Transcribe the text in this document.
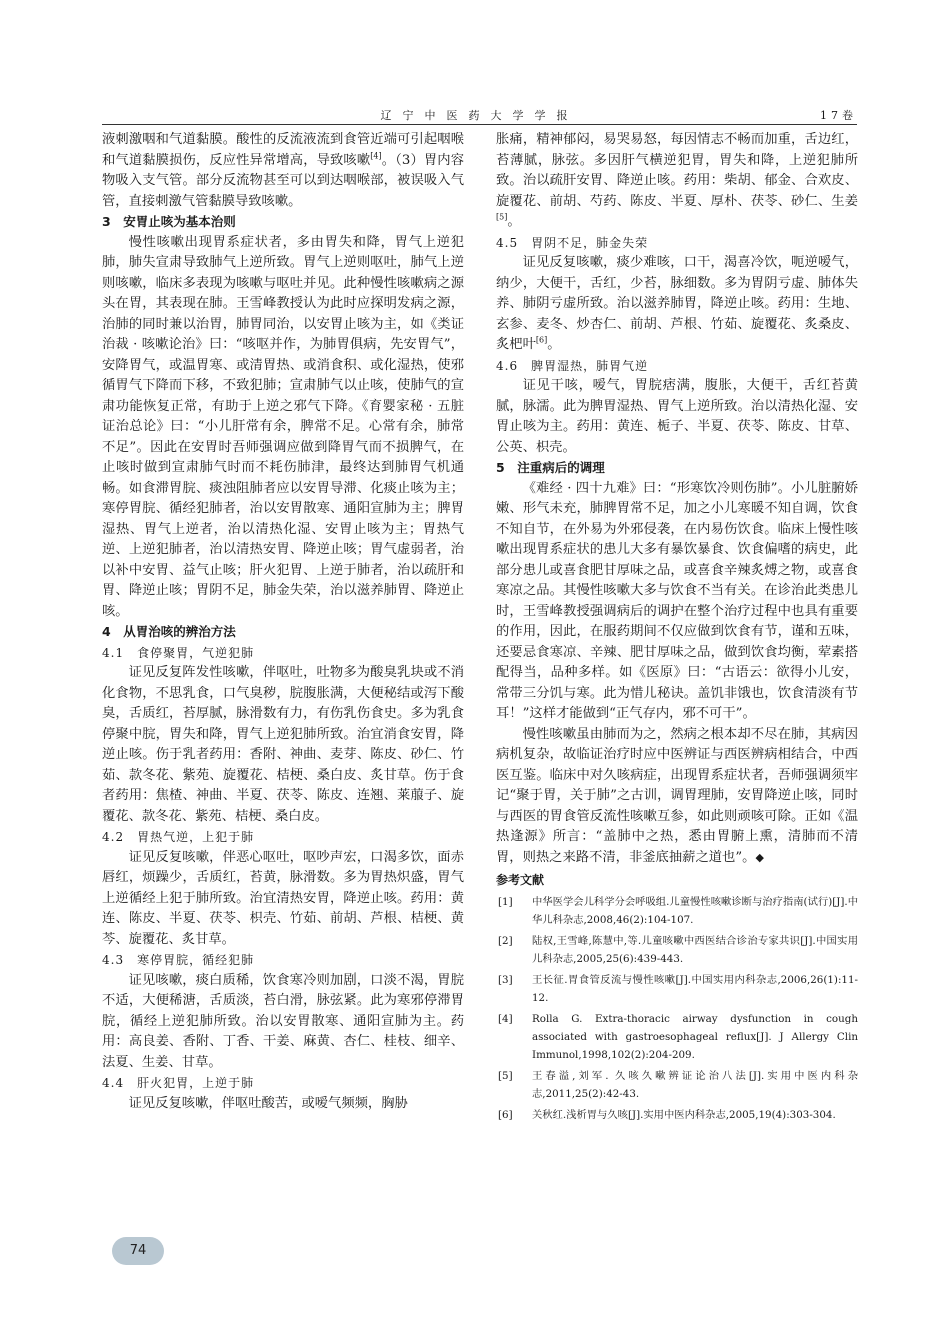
辽宁中医药大学学报	17卷
液刺激咽和气道黏膜。酸性的反流液流到食管近端可引起咽喉和气道黏膜损伤，反应性异常增高，导致咳嗽[4]。（3）胃内容物吸入支气管。部分反流物甚至可以到达咽喉部，被误吸入气管，直接刺激气管黏膜导致咳嗽。
3　安胃止咳为基本治则
慢性咳嗽出现胃系症状者，多由胃失和降，胃气上逆犯肺，肺失宣肃导致肺气上逆所致。胃气上逆则呕吐，肺气上逆则咳嗽，临床多表现为咳嗽与呕吐并见。此种慢性咳嗽病之源头在胃，其表现在肺。王雪峰教授认为此时应探明发病之源，治肺的同时兼以治胃，肺胃同治，以安胃止咳为主，如《类证治裁 · 咳嗽论治》曰：“咳呕并作，为肺胃俱病，先安胃气”，安降胃气，或温胃寒、或清胃热、或消食积、或化湿热，使邪循胃气下降而下移，不致犯肺；宣肃肺气以止咳，使肺气的宣肃功能恢复正常，有助于上逆之邪气下降。《育婴家秘 · 五脏证治总论》曰：“小儿肝常有余，脾常不足。心常有余，肺常不足”。因此在安胃时吾师强调应做到降胃气而不损脾气，在止咳时做到宣肃肺气时而不耗伤肺津，最终达到肺胃气机通畅。如食滞胃脘、痰浊阻肺者应以安胃导滞、化痰止咳为主；寒停胃脘、循经犯肺者，治以安胃散寒、通阳宣肺为主；脾胃湿热、胃气上逆者，治以清热化湿、安胃止咳为主；胃热气逆、上逆犯肺者，治以清热安胃、降逆止咳；胃气虚弱者，治以补中安胃、益气止咳；肝火犯胃、上逆于肺者，治以疏肝和胃、降逆止咳；胃阴不足，肺金失荣，治以滋养肺胃、降逆止咳。
4　从胃治咳的辨治方法
4.1　食停聚胃，气逆犯肺
证见反复阵发性咳嗽，伴呕吐，吐物多为酸臭乳块或不消化食物，不思乳食，口气臭秽，脘腹胀满，大便秘结或泻下酸臭，舌质红，苔厚腻，脉滑数有力，有伤乳伤食史。多为乳食停聚中脘，胃失和降，胃气上逆犯肺所致。治宜消食安胃，降逆止咳。伤于乳者药用：香附、神曲、麦芽、陈皮、砂仁、竹茹、款冬花、紫苑、旋覆花、桔梗、桑白皮、炙甘草。伤于食者药用：焦楂、神曲、半夏、茯苓、陈皮、连翘、莱菔子、旋覆花、款冬花、紫苑、桔梗、桑白皮。
4.2　胃热气逆，上犯于肺
证见反复咳嗽，伴恶心呕吐，呕吵声宏，口渴多饮，面赤唇红，烦躁少，舌质红，苔黄，脉滑数。多为胃热炽盛，胃气上逆循经上犯于肺所致。治宜清热安胃，降逆止咳。药用：黄连、陈皮、半夏、茯苓、枳壳、竹茹、前胡、芦根、桔梗、黄芩、旋覆花、炙甘草。
4.3　寒停胃脘，循经犯肺
证见咳嗽，痰白质稀，饮食寒冷则加剧，口淡不渴，胃脘不适，大便稀溏，舌质淡，苔白滑，脉弦紧。此为寒邪停滞胃脘，循经上逆犯肺所致。治以安胃散寒、通阳宣肺为主。药用：高良姜、香附、丁香、干姜、麻黄、杏仁、桂枝、细辛、法夏、生姜、甘草。
4.4　肝火犯胃，上逆于肺
证见反复咳嗽，伴呕吐酸苦，或嗳气频频，胸胁
胀痛，精神郁闷，易哭易怒，每因情志不畅而加重，舌边红，苔薄腻，脉弦。多因肝气横逆犯胃，胃失和降，上逆犯肺所致。治以疏肝安胃、降逆止咳。药用：柴胡、郁金、合欢皮、旋覆花、前胡、芍药、陈皮、半夏、厚朴、茯苓、砂仁、生姜[5]。
4.5　胃阴不足，肺金失荣
证见反复咳嗽，痰少难咳，口干，渴喜冷饮，呃逆嗳气，纳少，大便干，舌红，少苔，脉细数。多为胃阴亏虚、肺体失养、肺阴亏虚所致。治以滋养肺胃，降逆止咳。药用：生地、玄参、麦冬、炒杏仁、前胡、芦根、竹茹、旋覆花、炙桑皮、炙杷叶[6]。
4.6　脾胃湿热，肺胃气逆
证见干咳，嗳气，胃脘痞满，腹胀，大便干，舌红苔黄腻，脉濡。此为脾胃湿热、胃气上逆所致。治以清热化湿、安胃止咳为主。药用：黄连、栀子、半夏、茯苓、陈皮、甘草、公英、枳壳。
5　注重病后的调理
《难经 · 四十九难》曰：“形寒饮冷则伤肺”。小儿脏腑娇嫩、形气未充，肺脾胃常不足，加之小儿寒暖不知自调，饮食不知自节，在外易为外邪侵袭，在内易伤饮食。临床上慢性咳嗽出现胃系症状的患儿大多有暴饮暴食、饮食偏嗜的病史，此部分患儿或喜食肥甘厚味之品，或喜食辛辣炙煿之物，或喜食寒凉之品。其慢性咳嗽大多与饮食不当有关。在诊治此类患儿时，王雪峰教授强调病后的调护在整个治疗过程中也具有重要的作用，因此，在服药期间不仅应做到饮食有节，谨和五味，还要忌食寒凉、辛辣、肥甘厚味之品，做到饮食均衡，荤素搭配得当，品种多样。如《医原》曰：“古语云：欲得小儿安，常带三分饥与寒。此为惜儿秘诀。盖饥非饿也，饮食清淡有节耳！”这样才能做到“正气存内，邪不可干”。
慢性咳嗽虽由肺而为之，然病之根本却不尽在肺，其病因病机复杂，故临证治疗时应中医辨证与西医辨病相结合，中西医互鉴。临床中对久咳病症，出现胃系症状者，吾师强调须牢记“聚于胃，关于肺”之古训，调胃理肺，安胃降逆止咳，同时与西医的胃食管反流性咳嗽互参，如此则顽咳可除。正如《温热逢源》所言：“盖肺中之热，悉由胃腑上熏，清肺而不清胃，则热之来路不清，非釜底抽薪之道也”。◆
参考文献
[1]	中华医学会儿科学分会呼吸组.儿童慢性咳嗽诊断与治疗指南(试行)[J].中华儿科杂志,2008,46(2):104-107.
[2]	陆权,王雪峰,陈慧中,等.儿童咳嗽中西医结合诊治专家共识[J].中国实用儿科杂志,2005,25(6):439-443.
[3]	王长征.胃食管反流与慢性咳嗽[J].中国实用内科杂志,2006,26(1):11-12.
[4]	Rolla G. Extra-thoracic airway dysfunction in cough associated with gastroesophageal reflux[J]. J Allergy Clin Immunol,1998,102(2):204-209.
[5]	王春溢,刘军. 久咳久嗽辨证论治八法[J].实用中医内科杂志,2011,25(2):42-43.
[6]	关秋红.浅析胃与久咳[J].实用中医内科杂志,2005,19(4):303-304.
74
